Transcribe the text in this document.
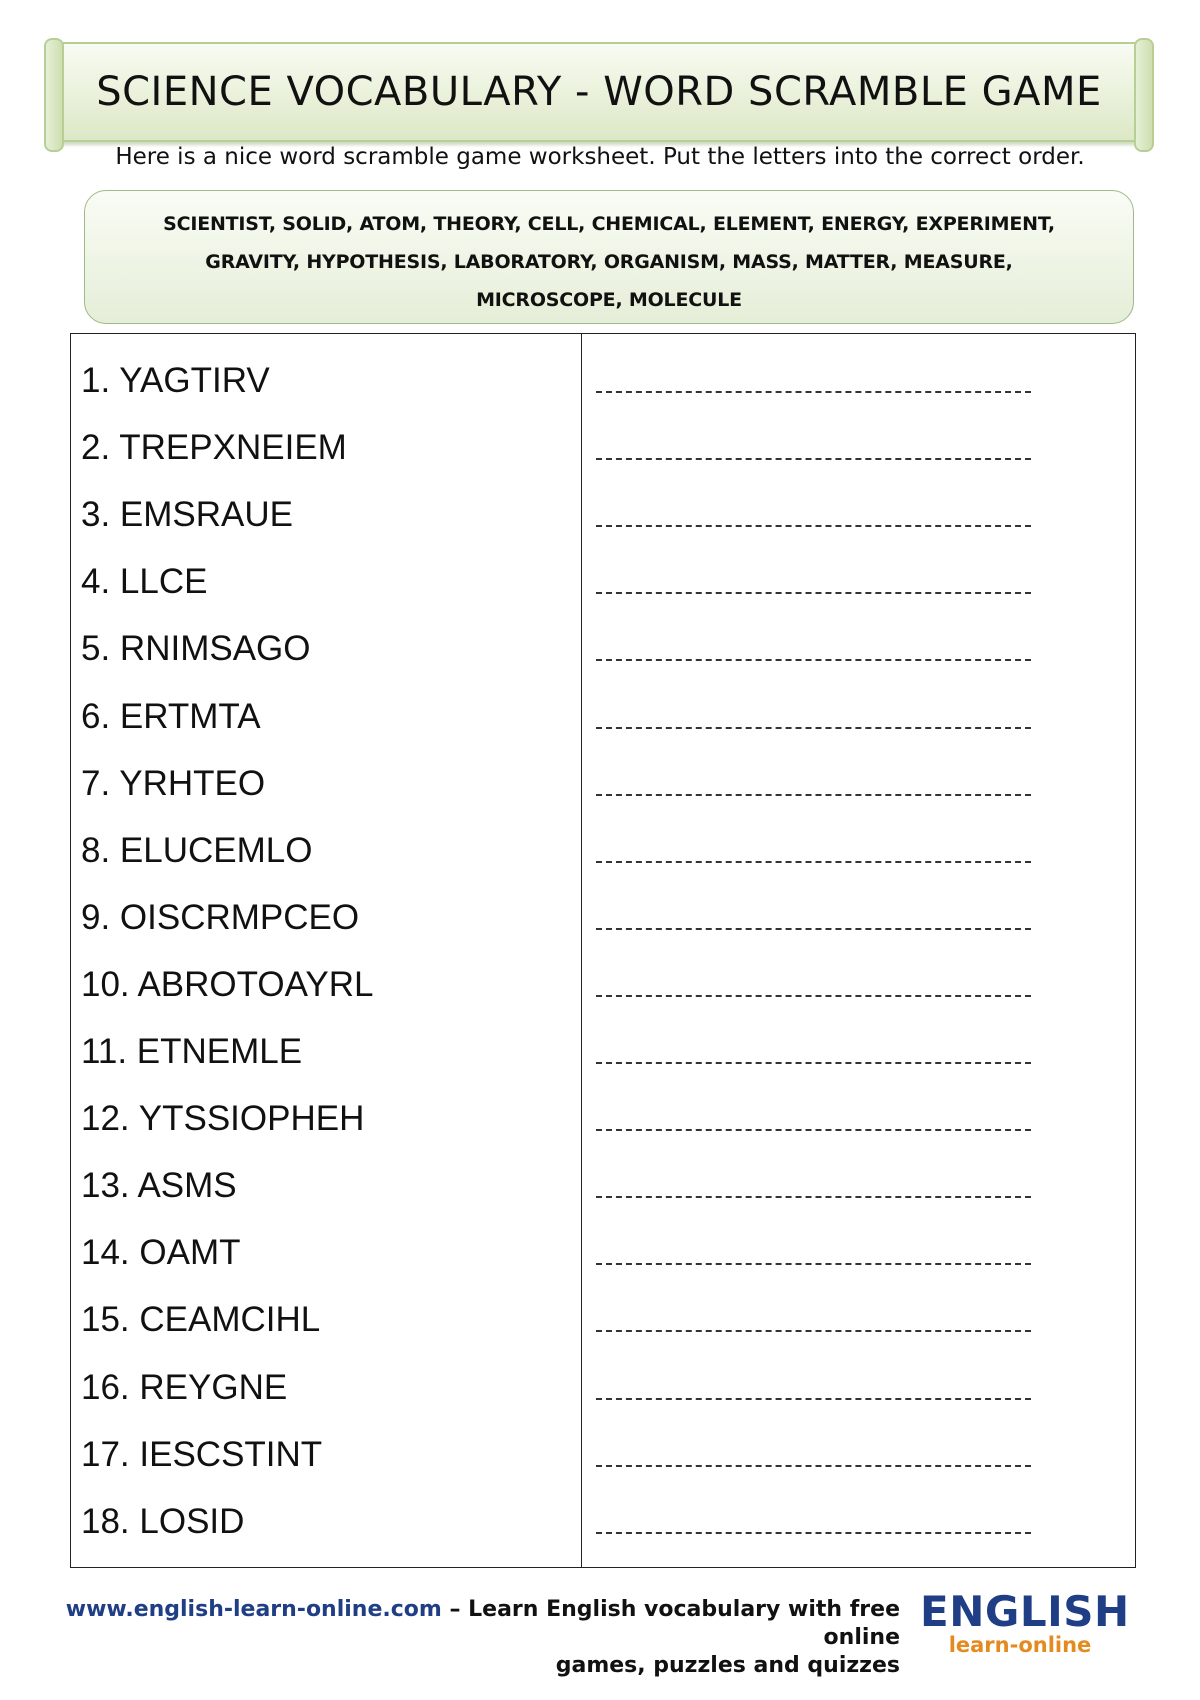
SCIENCE VOCABULARY - WORD SCRAMBLE GAME
Here is a nice word scramble game worksheet. Put the letters into the correct order.
SCIENTIST, SOLID, ATOM, THEORY, CELL, CHEMICAL, ELEMENT, ENERGY, EXPERIMENT,
GRAVITY, HYPOTHESIS, LABORATORY, ORGANISM, MASS, MATTER, MEASURE,
MICROSCOPE, MOLECULE
1. YAGTIRV
2. TREPXNEIEM
3. EMSRAUE
4. LLCE
5. RNIMSAGO
6. ERTMTA
7. YRHTEO
8. ELUCEMLO
9. OISCRMPCEO
10. ABROTOAYRL
11. ETNEMLE
12. YTSSIOPHEH
13. ASMS
14. OAMT
15. CEAMCIHL
16. REYGNE
17. IESCSTINT
18. LOSID
www.english-learn-online.com – Learn English vocabulary with free online
games, puzzles and quizzes
ENGLISH
learn-online
